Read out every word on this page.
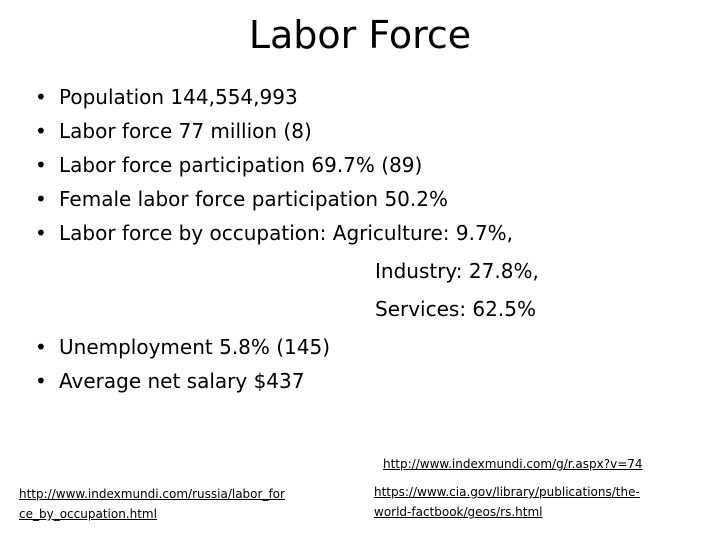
Labor Force
• Population 144,554,993
• Labor force 77 million (8)
• Labor force participation 69.7% (89)
• Female labor force participation 50.2%
• Labor force by occupation: Agriculture: 9.7%,
Industry: 27.8%,
Services: 62.5%
• Unemployment 5.8% (145)
• Average net salary $437
http://www.indexmundi.com/g/r.aspx?v=74
http://www.indexmundi.com/russia/labor_for
ce_by_occupation.html
https://www.cia.gov/library/publications/the-
world-factbook/geos/rs.html
